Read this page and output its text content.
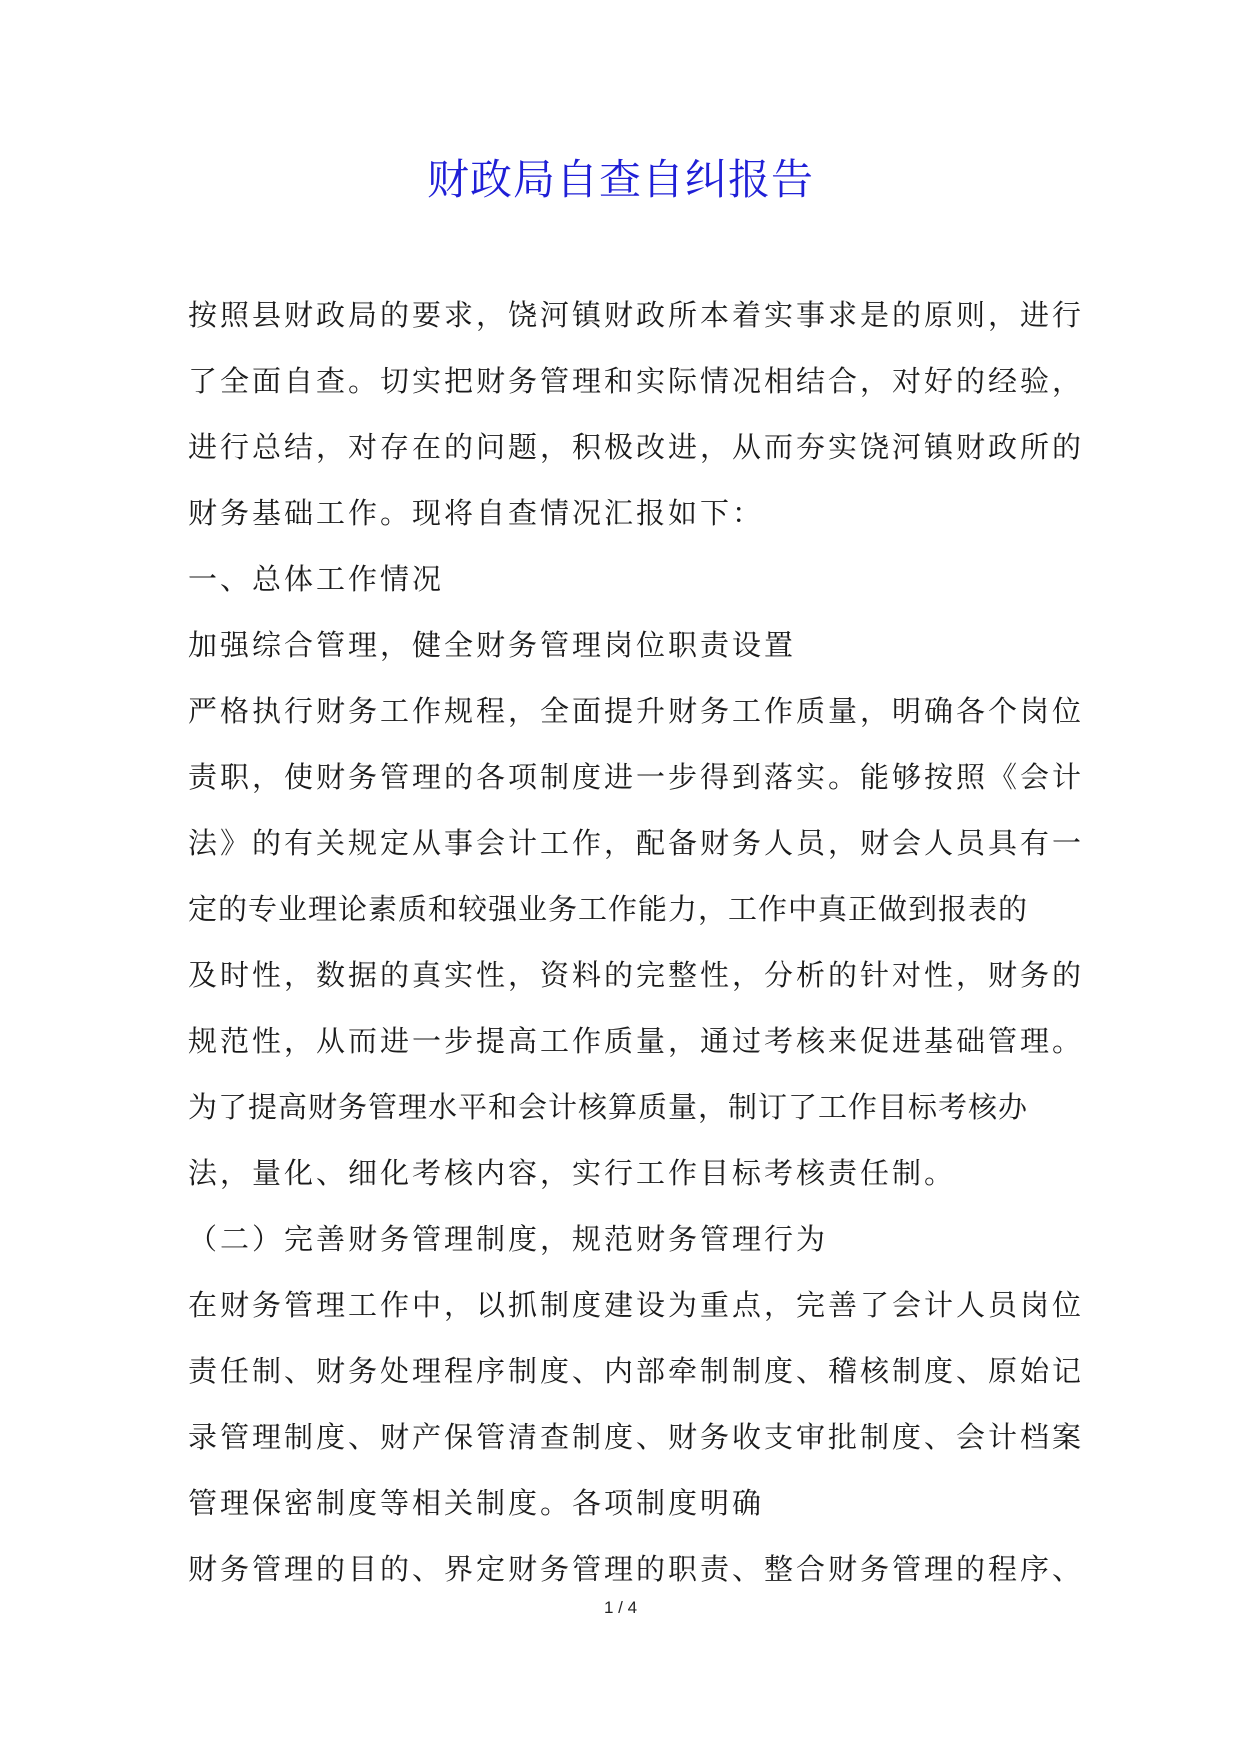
财政局自查自纠报告
按照县财政局的要求，饶河镇财政所本着实事求是的原则，进行
了全面自查。切实把财务管理和实际情况相结合，对好的经验，
进行总结，对存在的问题，积极改进，从而夯实饶河镇财政所的
财务基础工作。现将自查情况汇报如下：
一、总体工作情况
加强综合管理，健全财务管理岗位职责设置
严格执行财务工作规程，全面提升财务工作质量，明确各个岗位
责职，使财务管理的各项制度进一步得到落实。能够按照《会计
法》的有关规定从事会计工作，配备财务人员，财会人员具有一
定的专业理论素质和较强业务工作能力，工作中真正做到报表的
及时性，数据的真实性，资料的完整性，分析的针对性，财务的
规范性，从而进一步提高工作质量，通过考核来促进基础管理。
为了提高财务管理水平和会计核算质量，制订了工作目标考核办
法，量化、细化考核内容，实行工作目标考核责任制。
（二）完善财务管理制度，规范财务管理行为
在财务管理工作中，以抓制度建设为重点，完善了会计人员岗位
责任制、财务处理程序制度、内部牵制制度、稽核制度、原始记
录管理制度、财产保管清查制度、财务收支审批制度、会计档案
管理保密制度等相关制度。各项制度明确
财务管理的目的、界定财务管理的职责、整合财务管理的程序、
1 / 4
